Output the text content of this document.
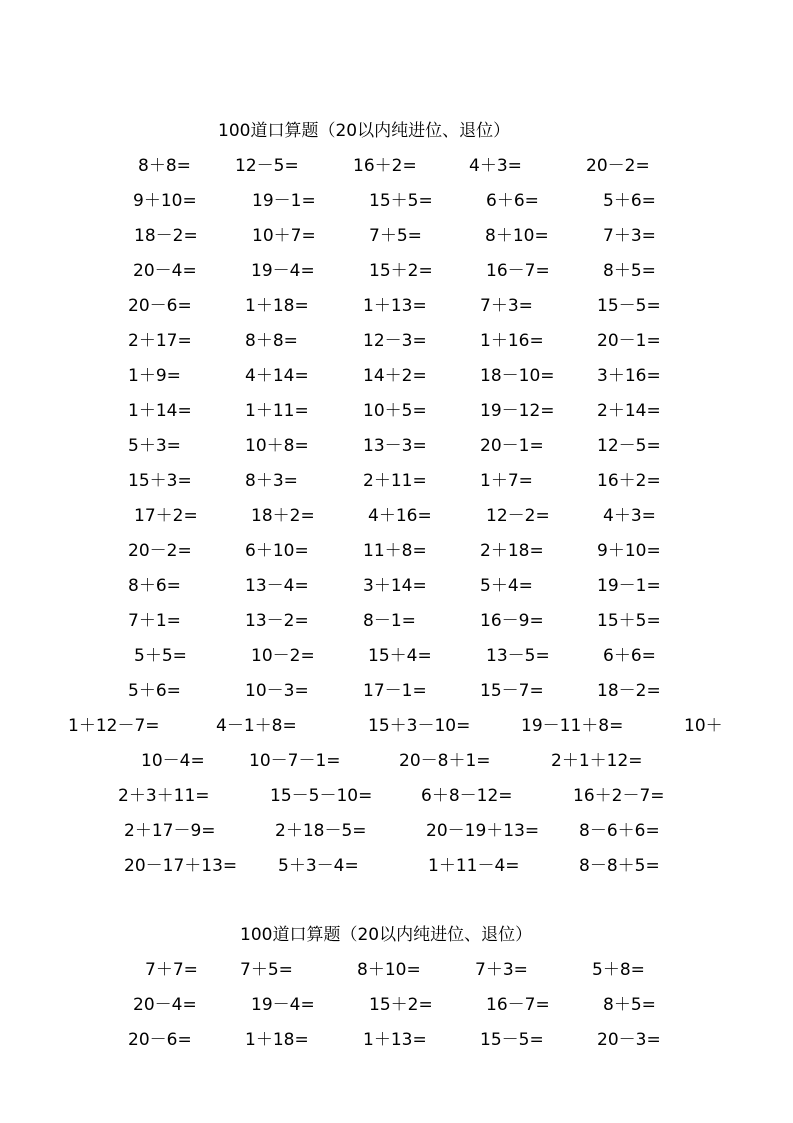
100道口算题（20以内纯进位、退位）
8＋8=	12－5=	16＋2=	4＋3=	20－2=
9＋10=	19－1=	15＋5=	6＋6=	5＋6=
18－2=	10＋7=	7＋5=	8＋10=	7＋3=
20－4=	19－4=	15＋2=	16－7=	8＋5=
20－6=	1＋18=	1＋13=	7＋3=	15－5=
2＋17=	8＋8=	12－3=	1＋16=	20－1=
1＋9=	4＋14=	14＋2=	18－10= 3＋16=
1＋14=	1＋11=	10＋5=	19－12= 2＋14=
5＋3=	10＋8=	13－3=	20－1=	12－5=
15＋3=	8＋3=	2＋11=	1＋7=	16＋2=
17＋2=	18＋2=	4＋16=	12－2=	4＋3=
20－2=	6＋10=	11＋8=	2＋18=	9＋10=
8＋6=	13－4=	3＋14=	5＋4=	19－1=
7＋1=	13－2=	8－1=	16－9=	15＋5=
5＋5=	10－2=	15＋4=	13－5=	6＋6=
5＋6=	10－3=	17－1=	15－7=	18－2=
1＋12－7=	4－1＋8=	15＋3－10=	19－11＋8=	10＋
10－4=	10－7－1=	20－8＋1=	2＋1＋12=
2＋3＋11=	15－5－10=	6＋8－12=	16＋2－7=
2＋17－9=	2＋18－5=	20－19＋13= 8－6＋6=
20－17＋13= 5＋3－4=	1＋11－4=	8－8＋5=
100道口算题（20以内纯进位、退位）
7＋7= 7＋5=	8＋10=	7＋3=	5＋8=
20－4=	19－4=	15＋2=	16－7=	8＋5=
20－6=	1＋18=	1＋13=	15－5=	20－3=
